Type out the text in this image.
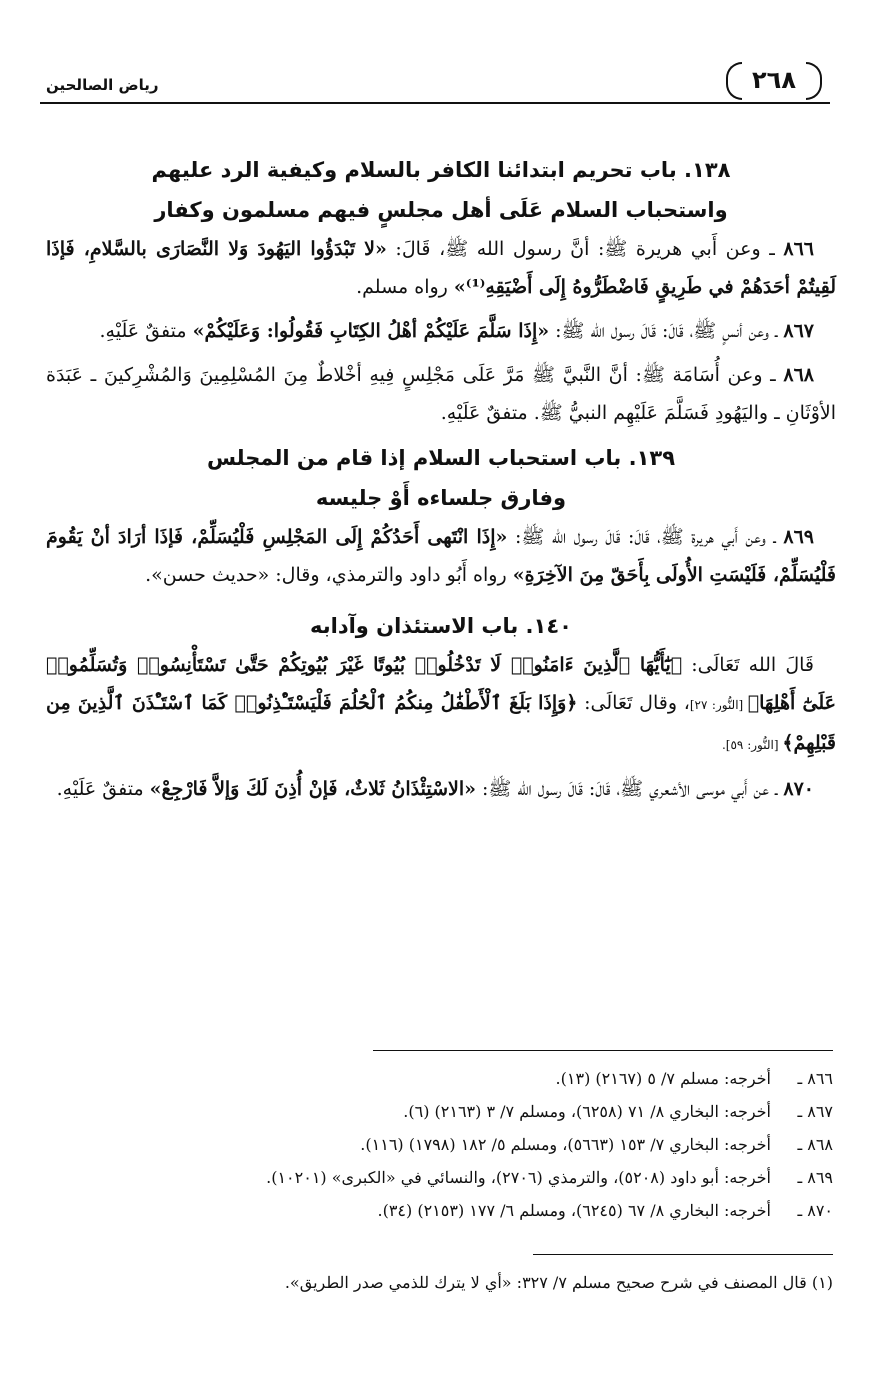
٢٦٨
رياض الصالحين

١٣٨. باب تحريم ابتدائنا الكافر بالسلام وكيفية الرد عليهم

واستحباب السلام عَلَى أهل مجلسٍ فيهم مسلمون وكفار

٨٦٦ ـ وعن أَبي هريرة ﷺ: أنَّ رسول الله ﷺ، قَالَ: «لا تَبْدَؤُوا اليَهُودَ وَلا النَّصَارَى بالسَّلامِ، فَإذَا لَقِيتُمْ أحَدَهُمْ في طَرِيقٍ فَاضْطَرُّوهُ إِلَى أَضْيَقِهِ⁽¹⁾» رواه مسلم.

٨٦٧ ـ وعن أنسٍ ﷺ، قَالَ: قَالَ رسول الله ﷺ: «إِذَا سَلَّمَ عَلَيْكُمْ أهْلُ الكِتَابِ فَقُولُوا: وَعَلَيْكُمْ» متفقٌ عَلَيْهِ.

٨٦٨ ـ وعن أُسَامَة ﷺ: أنَّ النَّبيَّ ﷺ مَرَّ عَلَى مَجْلِسٍ فِيهِ أخْلاطٌ مِنَ المُسْلِمِينَ وَالمُشْرِكينَ ـ عَبَدَة الأوْثَانِ ـ واليَهُودِ فَسَلَّمَ عَلَيْهِم النبيُّ ﷺ. متفقٌ عَلَيْهِ.

١٣٩. باب استحباب السلام إذا قام من المجلس

وفارق جلساءه أَوْ جليسه

٨٦٩ ـ وعن أَبي هريرة ﷺ، قَالَ: قَالَ رسول الله ﷺ: «إِذَا انْتَهى أَحَدُكُمْ إِلَى المَجْلِسِ فَلْيُسَلِّمْ، فَإذَا أرَادَ أنْ يَقُومَ فَلْيُسَلِّمْ، فَلَيْسَتِ الأُولَى بِأَحَقّ مِنَ الآخِرَةِ» رواه أَبُو داود والترمذي، وقال: «حديث حسن».

١٤٠. باب الاستئذان وآدابه

قَالَ الله تَعَالَى: ﴿يَٰٓأَيُّهَا ٱلَّذِينَ ءَامَنُوا۟ لَا تَدْخُلُوا۟ بُيُوتًا غَيْرَ بُيُوتِكُمْ حَتَّىٰ تَسْتَأْنِسُوا۟ وَتُسَلِّمُوا۟ عَلَىٰٓ أَهْلِهَا﴾ [النُّور: ٢٧]، وقال تَعَالَى: ﴿وَإِذَا بَلَغَ ٱلْأَطْفَٰلُ مِنكُمُ ٱلْحُلُمَ فَلْيَسْتَـْٔذِنُوا۟ كَمَا ٱسْتَـْٔذَنَ ٱلَّذِينَ مِن قَبْلِهِمْ﴾ [النُّور: ٥٩].

٨٧٠ ـ عن أَبي موسى الأشعري ﷺ، قَالَ: قَالَ رسول الله ﷺ: «الاسْتِئْذَانُ ثَلاثٌ، فَإنْ أُذِنَ لَكَ وَإلاَّ فَارْجِعْ» متفقٌ عَلَيْهِ.

٨٦٦ ـ
أخرجه: مسلم ٧/ ٥ (٢١٦٧) (١٣).
٨٦٧ ـ
أخرجه: البخاري ٨/ ٧١ (٦٢٥٨)، ومسلم ٧/ ٣ (٢١٦٣) (٦).
٨٦٨ ـ
أخرجه: البخاري ٧/ ١٥٣ (٥٦٦٣)، ومسلم ٥/ ١٨٢ (١٧٩٨) (١١٦).
٨٦٩ ـ
أخرجه: أبو داود (٥٢٠٨)، والترمذي (٢٧٠٦)، والنسائي في «الكبرى» (١٠٢٠١).
٨٧٠ ـ
أخرجه: البخاري ٨/ ٦٧ (٦٢٤٥)، ومسلم ٦/ ١٧٧ (٢١٥٣) (٣٤).
(١) قال المصنف في شرح صحيح مسلم ٧/ ٣٢٧: «أي لا يترك للذمي صدر الطريق».
